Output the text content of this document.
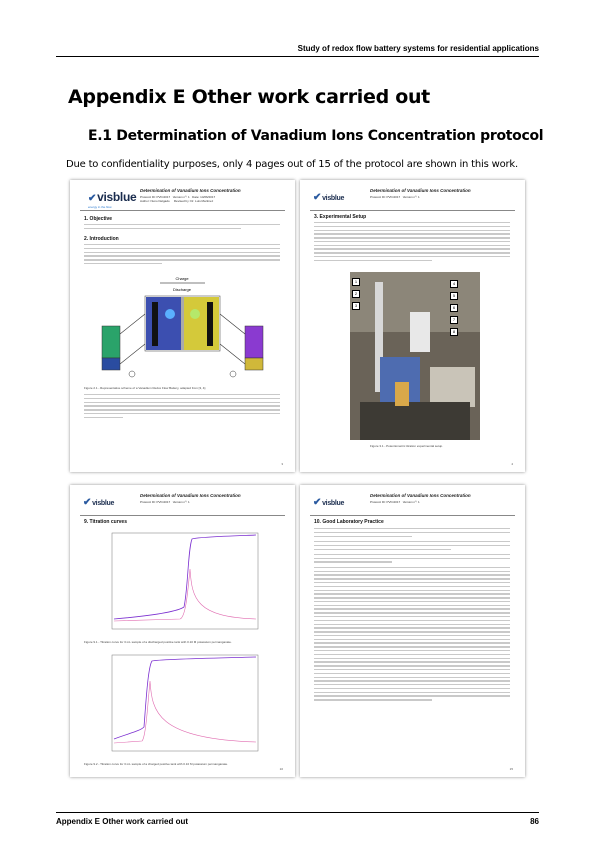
Study of redox flow battery systems for residential applications
Appendix E Other work carried out
E.1 Determination of Vanadium Ions Concentration protocol
Due to confidentiality purposes, only 4 pages out of 15 of the protocol are shown in this work.
✔visblue
energy in the flow
Determination of Vanadium Ions Concentration
Protocol ID: PVIC2017 Version nº: 1 Date: 14/06/2017
Author: Nuno Delgado Revised by: Dr. Luís Martínez
1. Objective
2. Introduction
Charge
Discharge
Figure 2.1 - Representative scheme of a Vanadium Redox Flow Battery, adapted from [3, 4].
3
✔visblue
Determination of Vanadium Ions Concentration
Protocol ID: PVIC2017 Version nº: 1
3. Experimental Setup
1
2
3
4
5
6
7
8
Figure 3.1 - Potentiometric titration experimental setup.
4
✔visblue
Determination of Vanadium Ions Concentration
Protocol ID: PVIC2017 Version nº: 1
9. Titration curves
Figure 9.1 - Titration curve for 3 mL sample of a discharged positive tank with 0.10 M potassium permanganate.
Figure 9.2 - Titration curve for 3 mL sample of a charged positive tank with 0.10 M potassium permanganate.
10
✔visblue
Determination of Vanadium Ions Concentration
Protocol ID: PVIC2017 Version nº: 1
10. Good Laboratory Practice
15
Appendix E Other work carried out	86
